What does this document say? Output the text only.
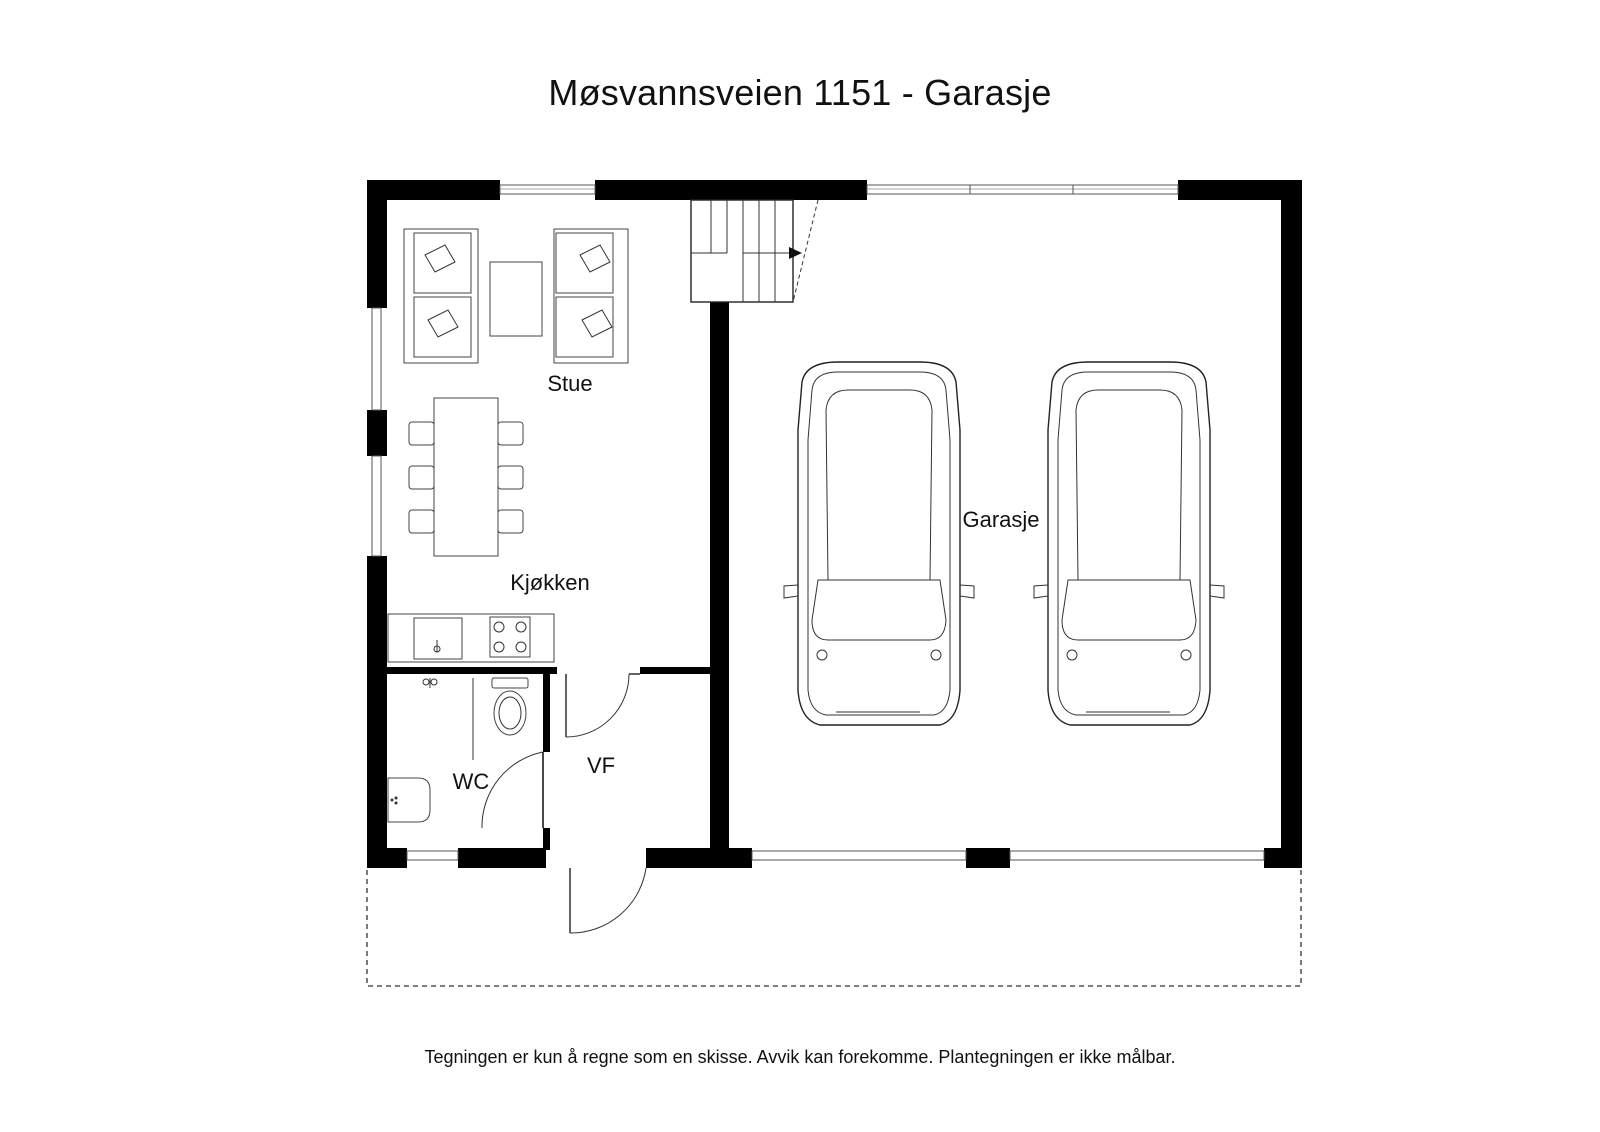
Møsvannsveien 1151 - Garasje
Stue
Kjøkken
WC
VF
Garasje
Tegningen er kun å regne som en skisse. Avvik kan forekomme. Plantegningen er ikke målbar.
